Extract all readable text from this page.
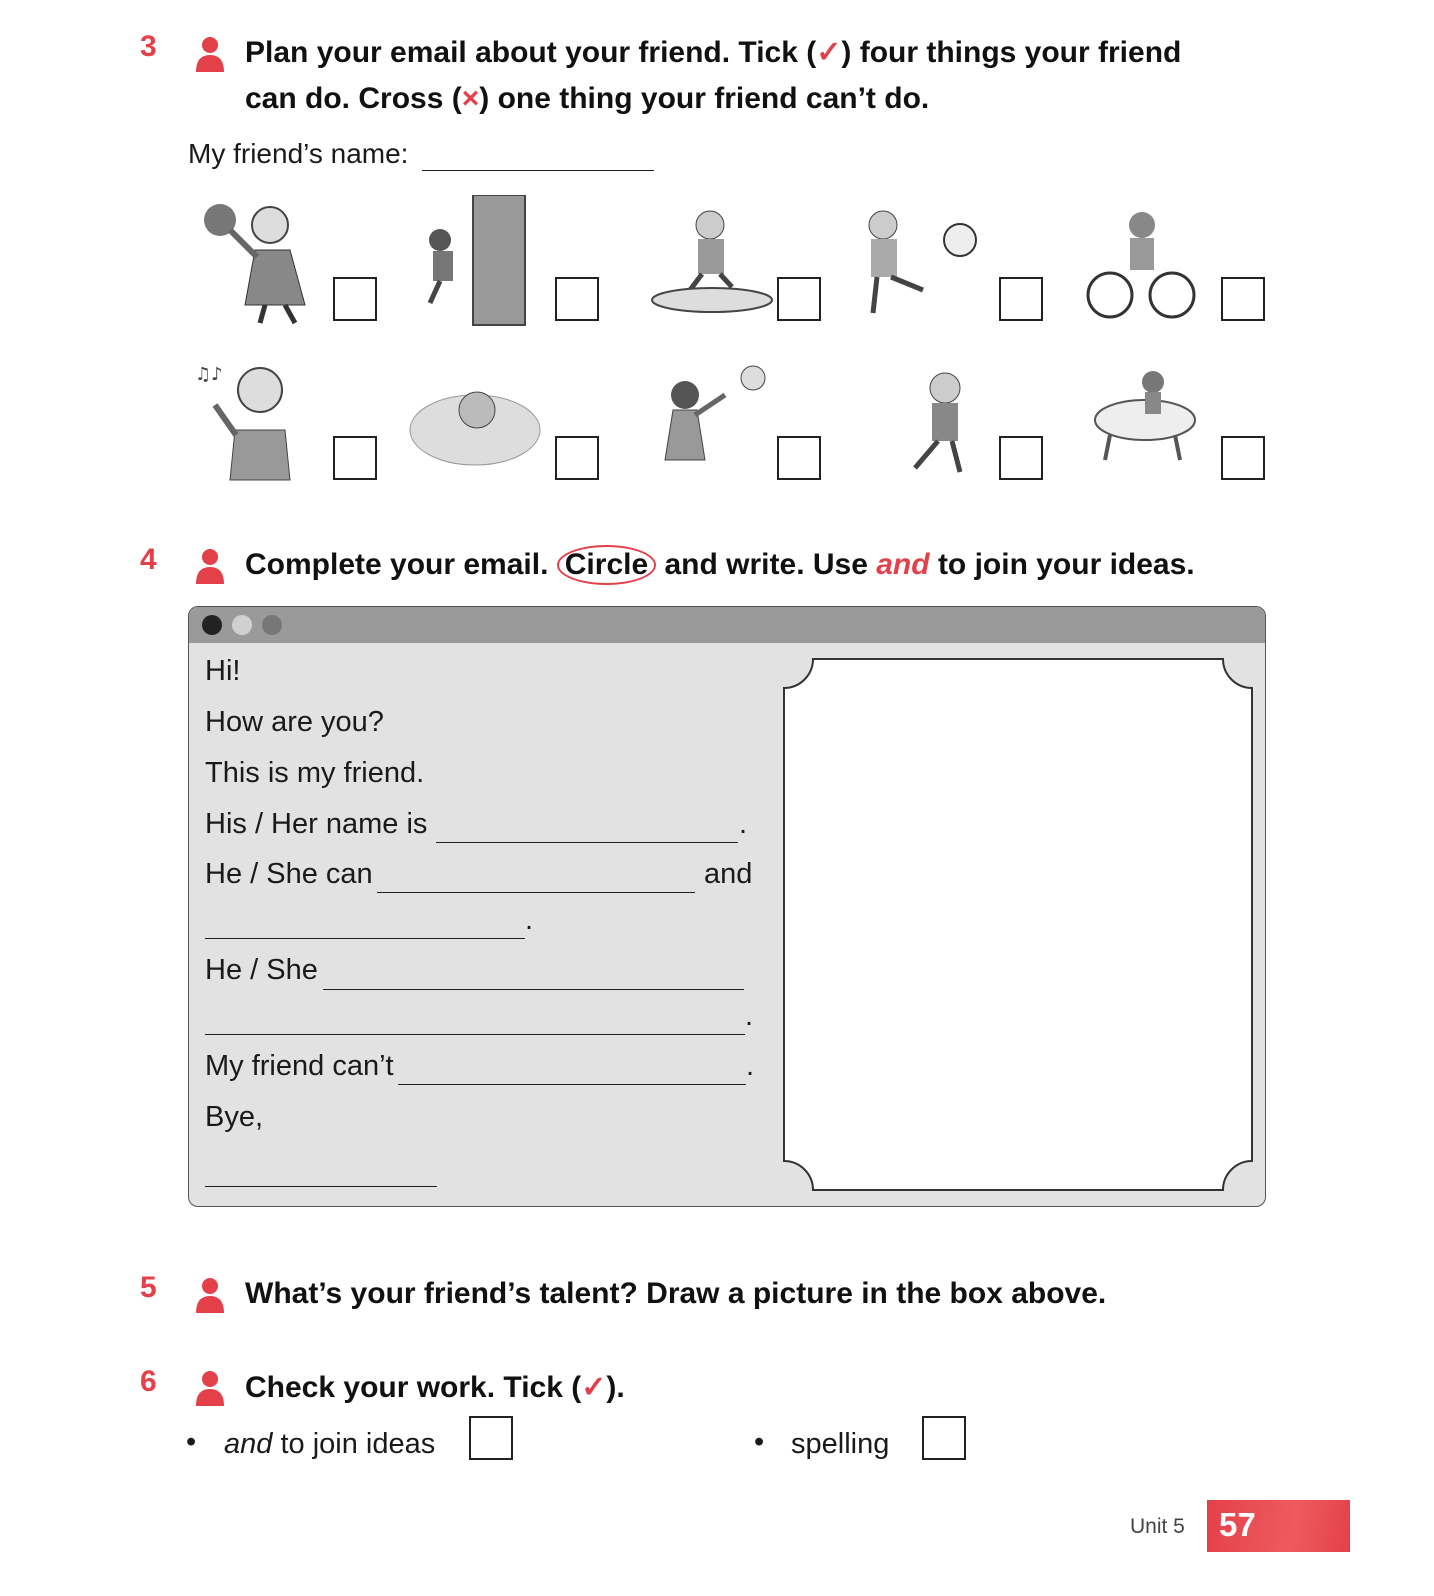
3	Plan your email about your friend. Tick (✓) four things your friend
can do. Cross (×) one thing your friend can’t do.
My friend’s name:
♫♪
4	Complete your email. Circle and write. Use and to join your ideas.
Hi!
How are you?
This is my friend.
His / Her name is	.
He / She can	and
.
He / She
.
My friend can’t	.
Bye,
5	What’s your friend’s talent? Draw a picture in the box above.
6	Check your work. Tick (✓).
• and to join ideas	• spelling
Unit 5 57
